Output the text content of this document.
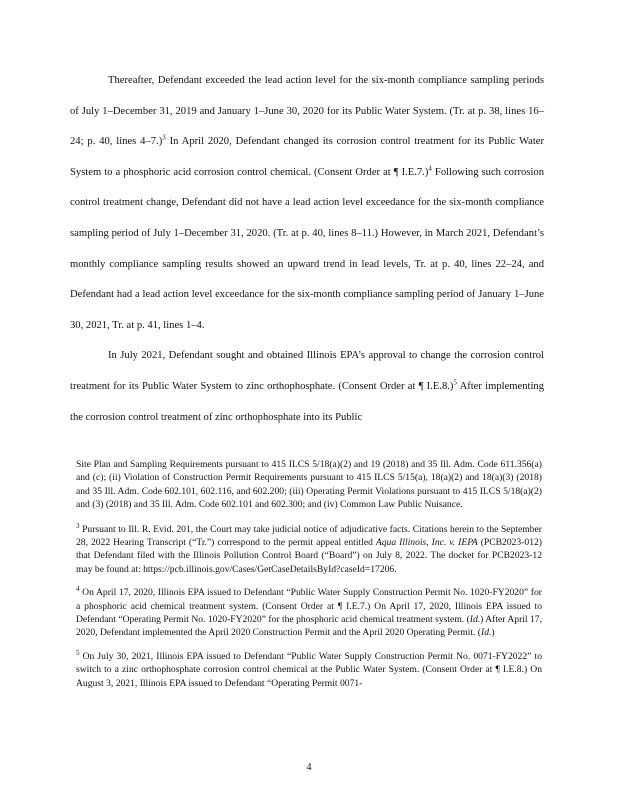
Thereafter, Defendant exceeded the lead action level for the six-month compliance sampling periods of July 1–December 31, 2019 and January 1–June 30, 2020 for its Public Water System. (Tr. at p. 38, lines 16–24; p. 40, lines 4–7.)$^3$ In April 2020, Defendant changed its corrosion control treatment for its Public Water System to a phosphoric acid corrosion control chemical. (Consent Order at ¶ I.E.7.)$^4$ Following such corrosion control treatment change, Defendant did not have a lead action level exceedance for the six-month compliance sampling period of July 1–December 31, 2020. (Tr. at p. 40, lines 8–11.) However, in March 2021, Defendant’s monthly compliance sampling results showed an upward trend in lead levels, Tr. at p. 40, lines 22–24, and Defendant had a lead action level exceedance for the six-month compliance sampling period of January 1–June 30, 2021, Tr. at p. 41, lines 1–4.

In July 2021, Defendant sought and obtained Illinois EPA’s approval to change the corrosion control treatment for its Public Water System to zinc orthophosphate. (Consent Order at ¶ I.E.8.)$^5$ After implementing the corrosion control treatment of zinc orthophosphate into its Public

Site Plan and Sampling Requirements pursuant to 415 ILCS 5/18(a)(2) and 19 (2018) and 35 Ill. Adm. Code 611.356(a) and (c); (ii) Violation of Construction Permit Requirements pursuant to 415 ILCS 5/15(a), 18(a)(2) and 18(a)(3) (2018) and 35 Ill. Adm. Code 602.101, 602.116, and 602.200; (iii) Operating Permit Violations pursuant to 415 ILCS 5/18(a)(2) and (3) (2018) and 35 Ill. Adm. Code 602.101 and 602.300; and (iv) Common Law Public Nuisance.

$^3$ Pursuant to Ill. R. Evid. 201, the Court may take judicial notice of adjudicative facts. Citations herein to the September 28, 2022 Hearing Transcript (“Tr.”) correspond to the permit appeal entitled Aqua Illinois, Inc. v. IEPA (PCB2023-012) that Defendant filed with the Illinois Pollution Control Board (“Board”) on July 8, 2022. The docket for PCB2023-12 may be found at: https://pcb.illinois.gov/Cases/GetCaseDetailsById?caseId=17206.

$^4$ On April 17, 2020, Illinois EPA issued to Defendant “Public Water Supply Construction Permit No. 1020-FY2020” for a phosphoric acid chemical treatment system. (Consent Order at ¶ I.E.7.) On April 17, 2020, Illinois EPA issued to Defendant “Operating Permit No. 1020-FY2020” for the phosphoric acid chemical treatment system. (Id.) After April 17, 2020, Defendant implemented the April 2020 Construction Permit and the April 2020 Operating Permit. (Id.)

$^5$ On July 30, 2021, Illinois EPA issued to Defendant “Public Water Supply Construction Permit No. 0071-FY2022” to switch to a zinc orthophosphate corrosion control chemical at the Public Water System. (Consent Order at ¶ I.E.8.) On August 3, 2021, Illinois EPA issued to Defendant “Operating Permit 0071-

4
